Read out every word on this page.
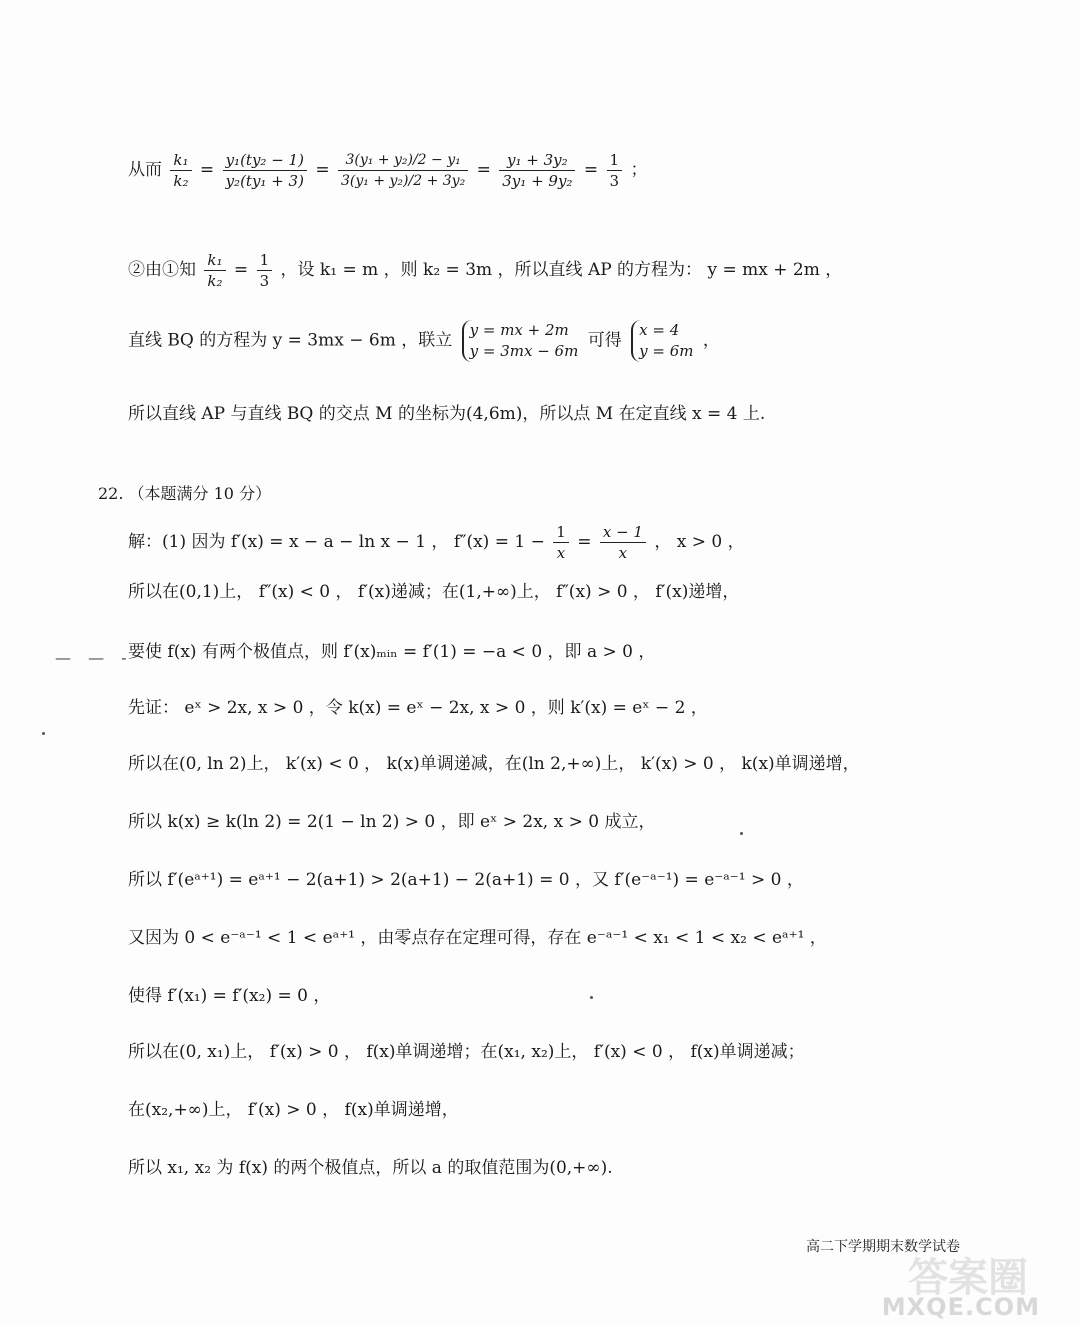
从而 $\frac{\text{k₁}}{\text{k₂}} = \frac{\text{y₁(ty₂ − 1)}}{\text{y₂(ty₁ + 3)}} = \frac{\text{3(y₁ + y₂)/2 − y₁}}{\text{3(y₁ + y₂)/2 + 3y₂}} = \frac{\text{y₁ + 3y₂}}{\text{3y₁ + 9y₂}} = \frac{1}{3}$ ；
②由①知 $\frac{\text{k₁}}{\text{k₂}} = \frac{1}{3}$ ，设 k₁ = m ，则 k₂ = 3m ，所以直线 AP 的方程为： y = mx + 2m ，
直线 BQ 的方程为 y = 3mx − 6m ，联立
y = mx + 2m
y = 3mx − 6m
可得
x = 4
y = 6m
，
所以直线 AP 与直线 BQ 的交点 M 的坐标为(4,6m)，所以点 M 在定直线 x = 4 上.
22. （本题满分 10 分）
解：(1) 因为 f′(x) = x − a − ln x − 1 ， $f''(x) = 1 - \frac{1}{x} = \frac{x - 1}{x}$ ， x > 0 ，
所以在(0,1)上， f″(x) < 0 ， f′(x)递减；在(1,+∞)上， f″(x) > 0 ， f′(x)递增，
— — -
要使 f(x) 有两个极值点，则 f′(x)ₘᵢₙ = f′(1) = −a < 0 ，即 a > 0 ，
先证： eˣ > 2x, x > 0 ，令 k(x) = eˣ − 2x, x > 0 ，则 k′(x) = eˣ − 2 ，
所以在(0, ln 2)上， k′(x) < 0 ， k(x)单调递减，在(ln 2,+∞)上， k′(x) > 0 ， k(x)单调递增，
所以 k(x) ≥ k(ln 2) = 2(1 − ln 2) > 0 ，即 eˣ > 2x, x > 0 成立，
所以 f′(eᵃ⁺¹) = eᵃ⁺¹ − 2(a+1) > 2(a+1) − 2(a+1) = 0 ，又 f′(e⁻ᵃ⁻¹) = e⁻ᵃ⁻¹ > 0 ，
又因为 0 < e⁻ᵃ⁻¹ < 1 < eᵃ⁺¹ ，由零点存在定理可得，存在 e⁻ᵃ⁻¹ < x₁ < 1 < x₂ < eᵃ⁺¹ ，
使得 f′(x₁) = f′(x₂) = 0 ，
所以在(0, x₁)上， f′(x) > 0 ， f(x)单调递增；在(x₁, x₂)上， f′(x) < 0 ， f(x)单调递减；
在(x₂,+∞)上， f′(x) > 0 ， f(x)单调递增，
所以 x₁, x₂ 为 f(x) 的两个极值点，所以 a 的取值范围为(0,+∞).
高二下学期期末数学试卷
答案圈
MXQE.COM
